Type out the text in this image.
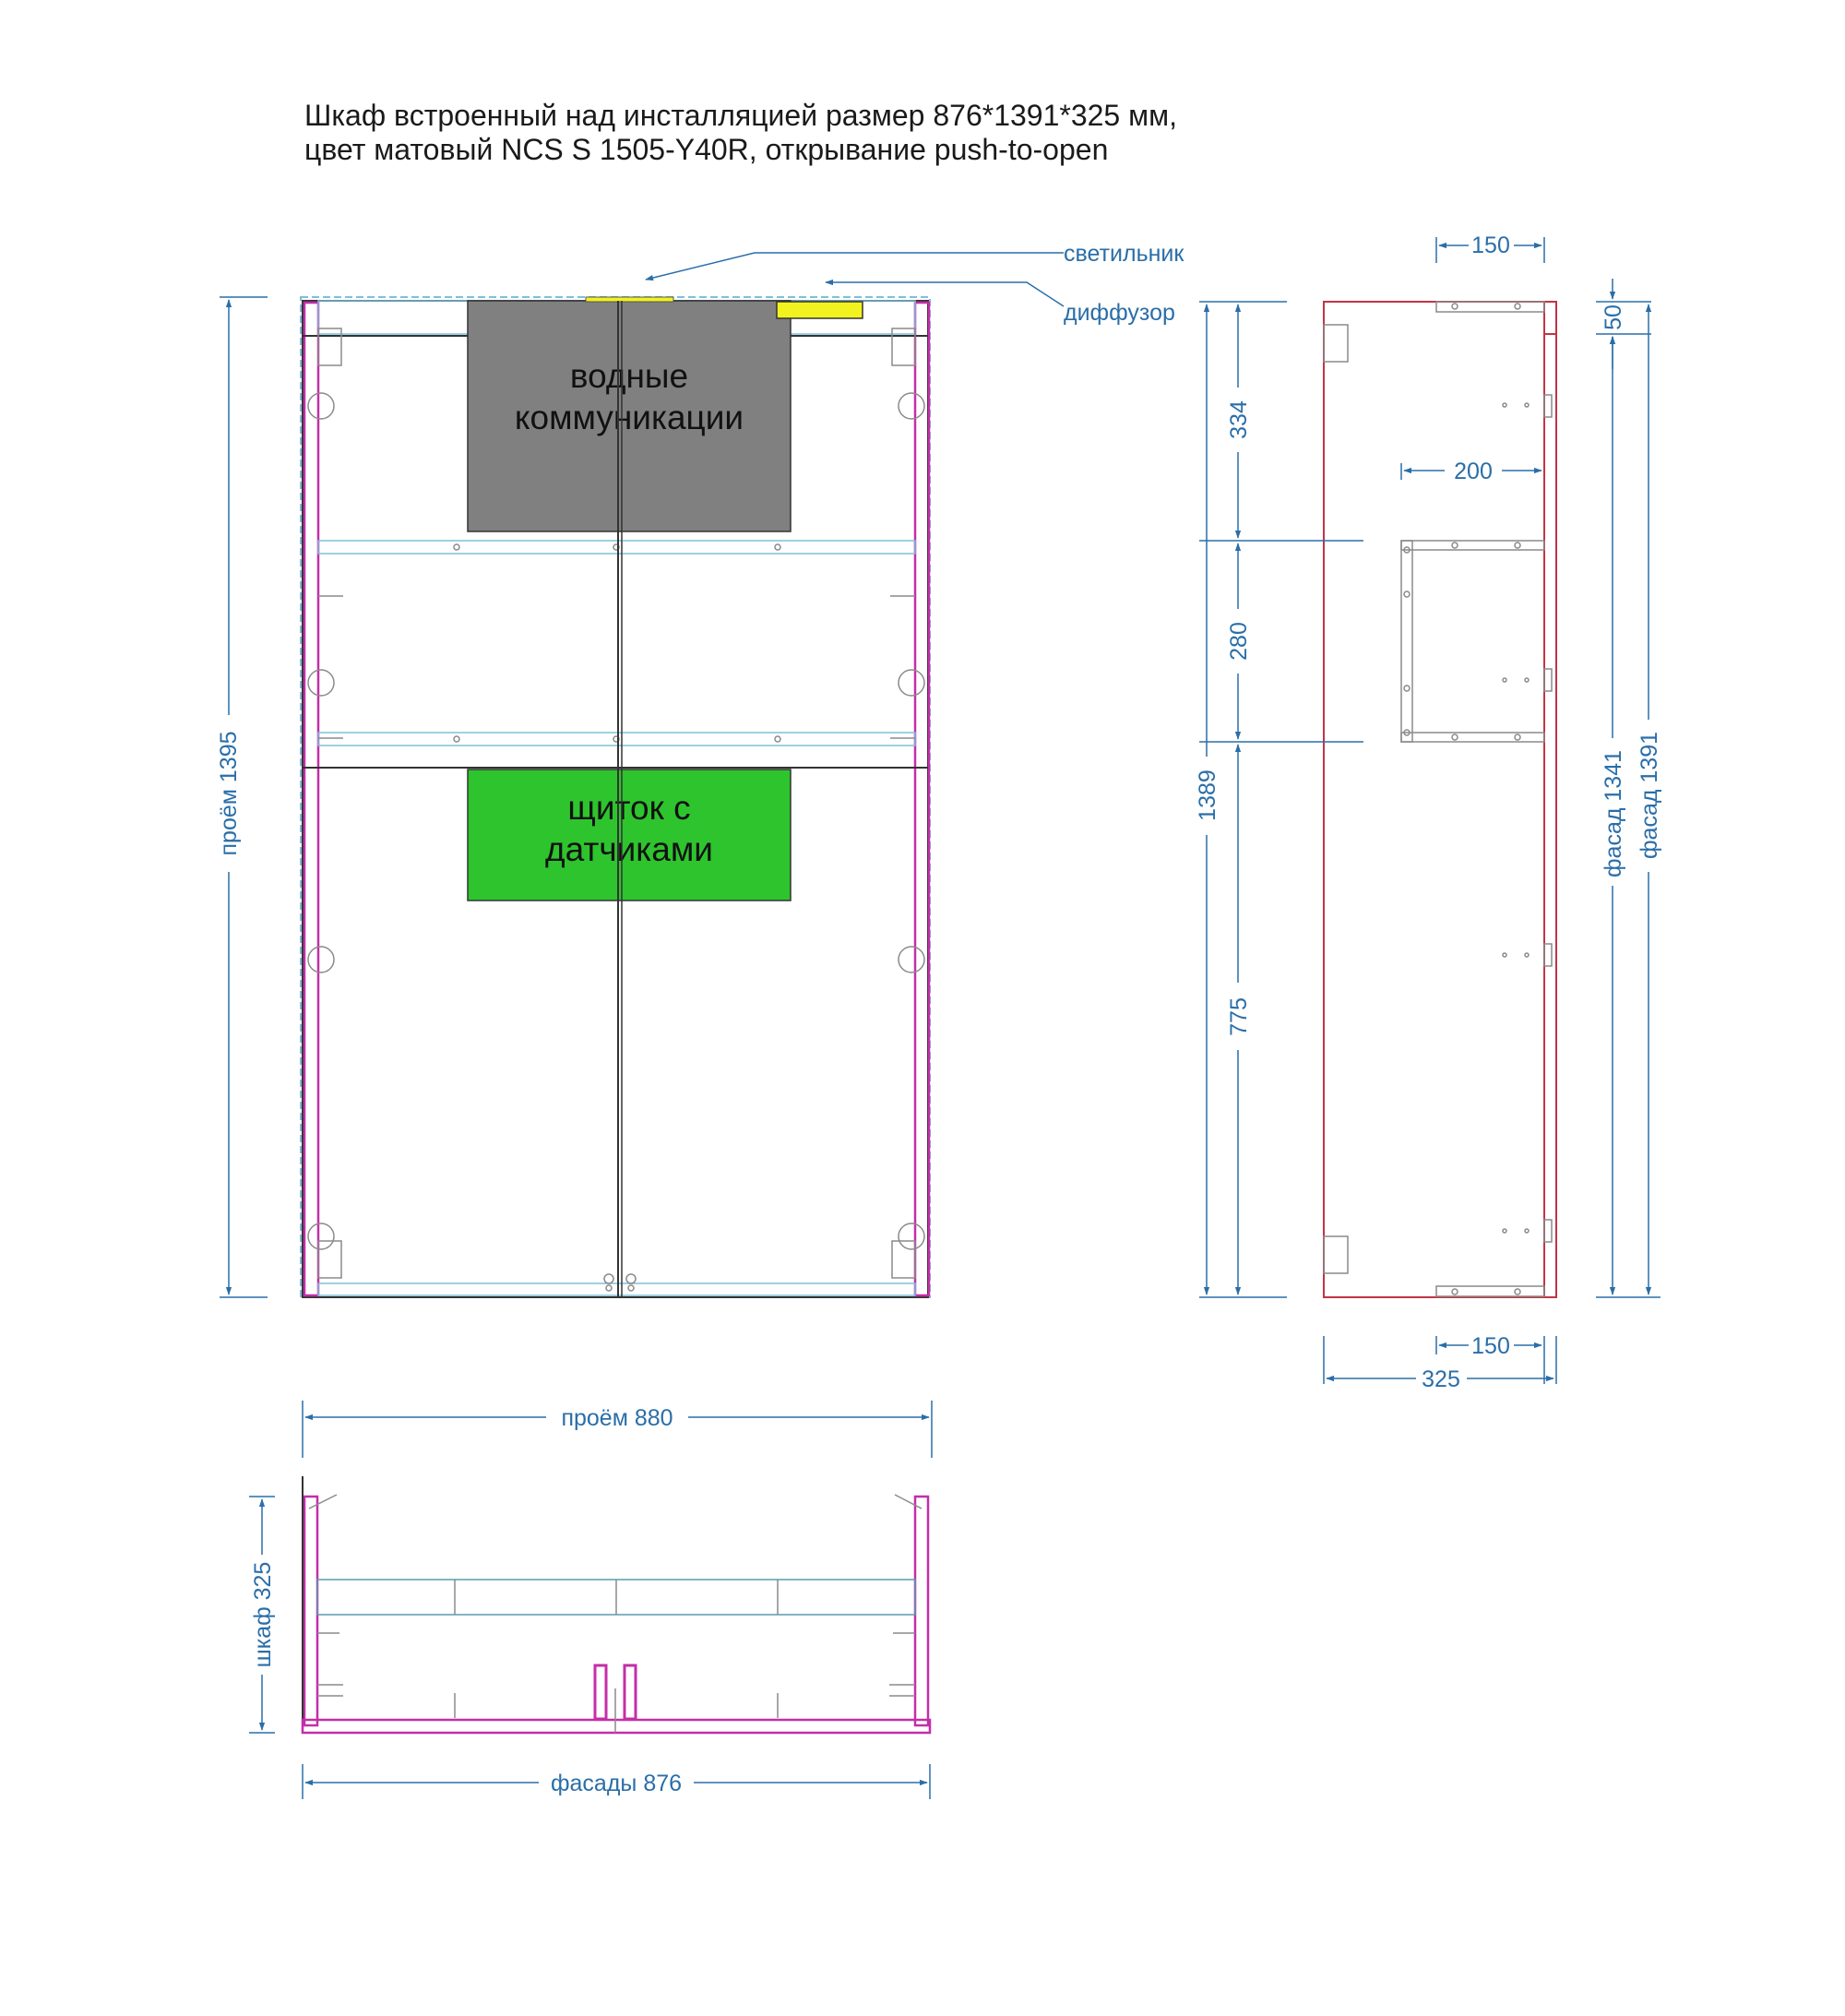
Шкаф встроенный над инсталляцией размер 876*1391*325 мм,
цвет матовый NCS S 1505-Y40R, открывание push-to-open
водные
коммуникации
щиток с
датчиками
светильник
диффузор
проём 1395
150
200
50
фасад 1341 фасад 1391
334
280
775
1389
150
325
проём 880
шкаф 325
фасады 876
